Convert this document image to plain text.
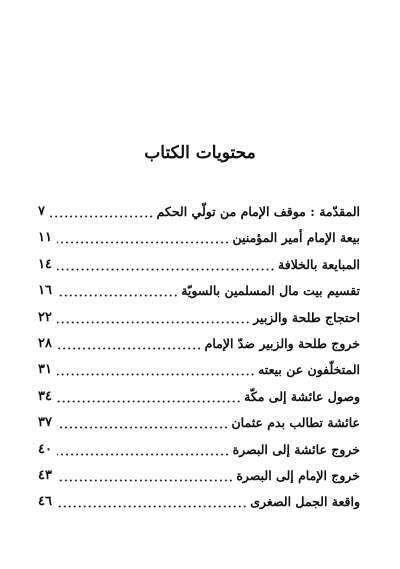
محتويات الكتاب
٧	المقدّمة : موقف الإمام من تولّي الحكم
١١	بيعة الإمام أمير المؤمنين
١٤	المبايعة بالخلافة
١٦	تقسيم بيت مال المسلمين بالسويّة
٢٢	احتجاج طلحة والزبير
٢٨	خروج طلحة والزبير ضدّ الإمام
٣١	المتخلّفون عن بيعته
٣٤	وصول عائشة إلى مكّة
٣٧	عائشة تطالب بدم عثمان
٤٠	خروج عائشة إلى البصرة
٤٣	خروج الإمام إلى البصرة
٤٦	واقعة الجمل الصغرى
